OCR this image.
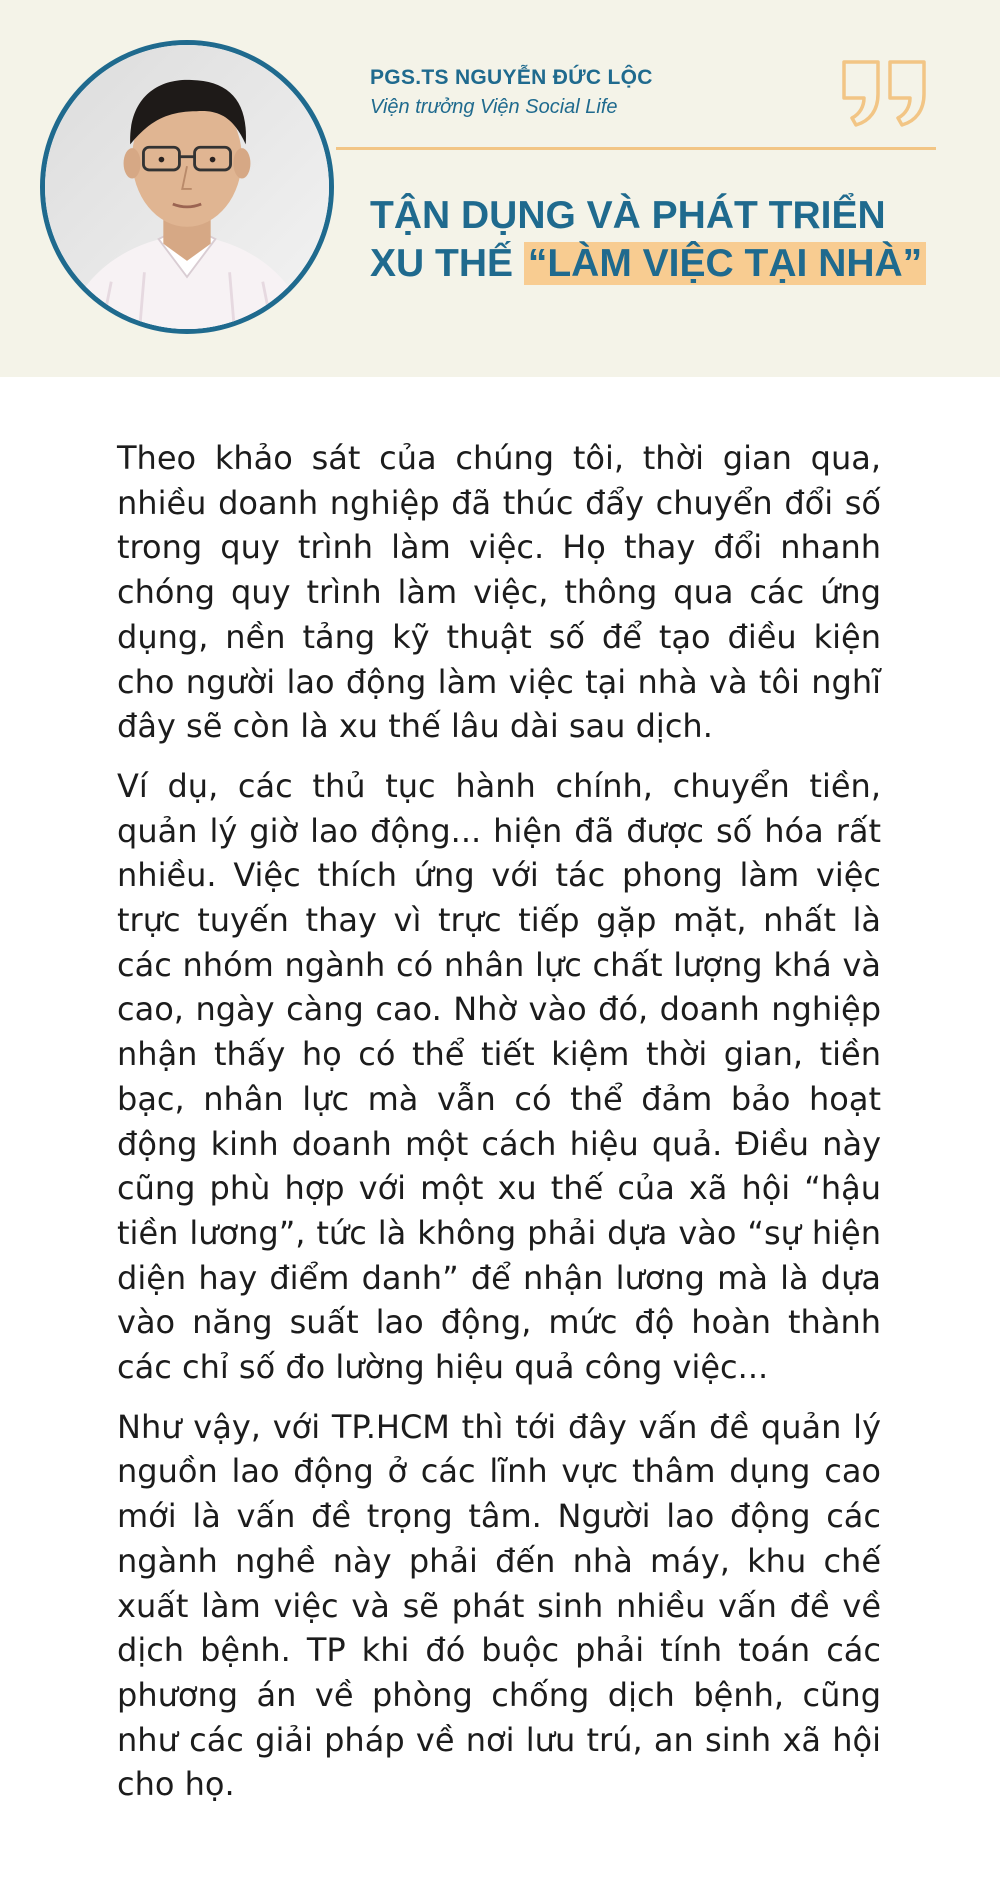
PGS.TS NGUYỄN ĐỨC LỘC
Viện trưởng Viện Social Life
TẬN DỤNG VÀ PHÁT TRIỂN
XU THẾ “LÀM VIỆC TẠI NHÀ”

Theo khảo sát của chúng tôi, thời gian qua, nhiều doanh nghiệp đã thúc đẩy chuyển đổi số trong quy trình làm việc. Họ thay đổi nhanh chóng quy trình làm việc, thông qua các ứng dụng, nền tảng kỹ thuật số để tạo điều kiện cho người lao động làm việc tại nhà và tôi nghĩ đây sẽ còn là xu thế lâu dài sau dịch.

Ví dụ, các thủ tục hành chính, chuyển tiền, quản lý giờ lao động... hiện đã được số hóa rất nhiều. Việc thích ứng với tác phong làm việc trực tuyến thay vì trực tiếp gặp mặt, nhất là các nhóm ngành có nhân lực chất lượng khá và cao, ngày càng cao. Nhờ vào đó, doanh nghiệp nhận thấy họ có thể tiết kiệm thời gian, tiền bạc, nhân lực mà vẫn có thể đảm bảo hoạt động kinh doanh một cách hiệu quả. Điều này cũng phù hợp với một xu thế của xã hội “hậu tiền lương”, tức là không phải dựa vào “sự hiện diện hay điểm danh” để nhận lương mà là dựa vào năng suất lao động, mức độ hoàn thành các chỉ số đo lường hiệu quả công việc...

Như vậy, với TP.HCM thì tới đây vấn đề quản lý nguồn lao động ở các lĩnh vực thâm dụng cao mới là vấn đề trọng tâm. Người lao động các ngành nghề này phải đến nhà máy, khu chế xuất làm việc và sẽ phát sinh nhiều vấn đề về dịch bệnh. TP khi đó buộc phải tính toán các phương án về phòng chống dịch bệnh, cũng như các giải pháp về nơi lưu trú, an sinh xã hội cho họ.
